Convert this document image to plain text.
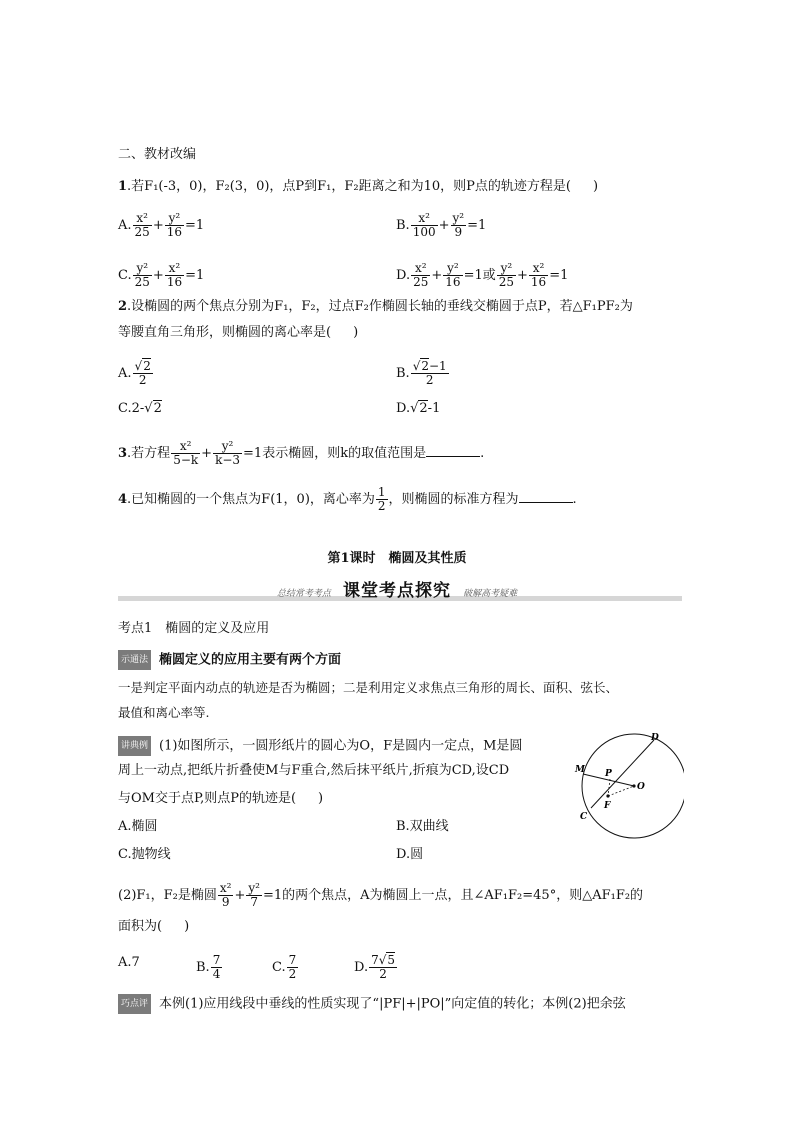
二、教材改编
1.若F₁(-3，0)，F₂(3，0)，点P到F₁，F₂距离之和为10，则P点的轨迹方程是( )
A. $\frac{\text{x²}}{25} + \frac{\text{y²}}{16} =1$	B. $\frac{\text{x²}}{100} + \frac{\text{y²}}{9} =1$
C. $\frac{\text{y²}}{25} + \frac{\text{x²}}{16} =1$	D. $\frac{\text{x²}}{25} + \frac{\text{y²}}{16} =1$或 $\frac{\text{y²}}{25} + \frac{\text{x²}}{16} =1$
2.设椭圆的两个焦点分别为F₁，F₂，过点F₂作椭圆长轴的垂线交椭圆于点P，若△F₁PF₂为
等腰直角三角形，则椭圆的离心率是( )
A. $\frac{√2}{2}$	B. $\frac{√2-1}{2}$
C.2-√2	D.√2-1
3.若方程 $\frac{\text{x²}}{5-k} + \frac{\text{y²}}{k-3} =1$表示椭圆，则k的取值范围是	.
4.已知椭圆的一个焦点为F(1，0)，离心率为 $\frac{1}{2}$ ，则椭圆的标准方程为	.
第1课时　椭圆及其性质
总结常考考点 课堂考点探究 破解高考疑难
考点1　椭圆的定义及应用
示通法 椭圆定义的应用主要有两个方面
一是判定平面内动点的轨迹是否为椭圆；二是利用定义求焦点三角形的周长、面积、弦长、
最值和离心率等.
讲典例 (1)如图所示，一圆形纸片的圆心为O，F是圆内一定点，M是圆
周上一动点,把纸片折叠使M与F重合,然后抹平纸片,折痕为CD,设CD
与OM交于点P,则点P的轨迹是( )
A.椭圆	B.双曲线
C.抛物线	D.圆
D
M P
O
C
F
(2)F₁，F₂是椭圆 $\frac{\text{x²}}{9} + \frac{\text{y²}}{7} =1$的两个焦点，A为椭圆上一点，且∠AF₁F₂=45°，则△AF₁F₂的
面积为( )
A.7	B. $\frac{7}{4}$	C. $\frac{7}{2}$	D. $\frac{7√5}{2}$
巧点评 本例(1)应用线段中垂线的性质实现了“|PF|+|PO|”向定值的转化；本例(2)把余弦
